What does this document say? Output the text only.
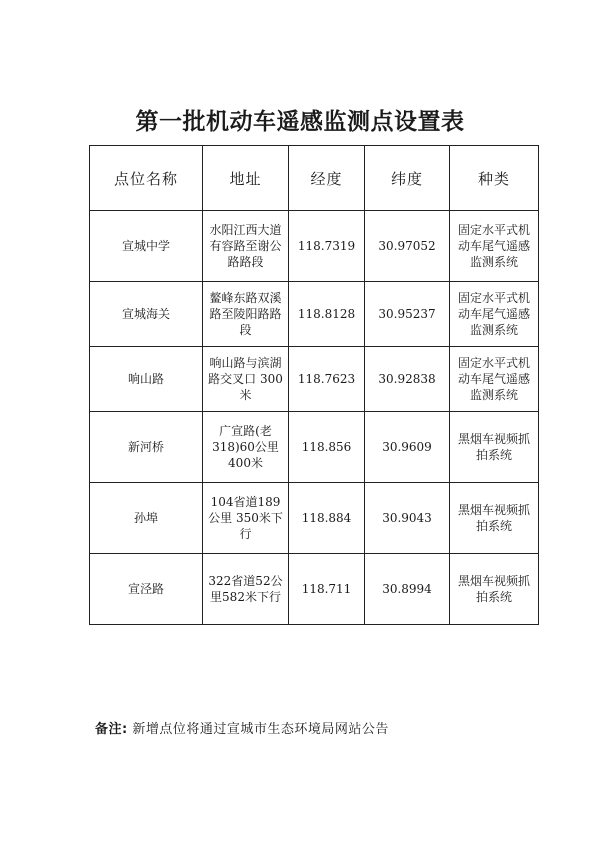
第一批机动车遥感监测点设置表
点位名称	地址	经度	纬度	种类
宣城中学	水阳江西大道有容路至谢公路路段	118.7319	30.97052	固定水平式机动车尾气遥感监测系统
宣城海关	鳌峰东路双溪路至陵阳路路段	118.8128	30.95237	固定水平式机动车尾气遥感监测系统
响山路	响山路与滨湖路交叉口 300米	118.7623	30.92838	固定水平式机动车尾气遥感监测系统
新河桥	广宣路(老318)60公里400米	118.856	30.9609	黑烟车视频抓拍系统
孙埠	104省道189公里 350米下行	118.884	30.9043	黑烟车视频抓拍系统
宣泾路	322省道52公里582米下行	118.711	30.8994	黑烟车视频抓拍系统
备注: 新增点位将通过宣城市生态环境局网站公告
